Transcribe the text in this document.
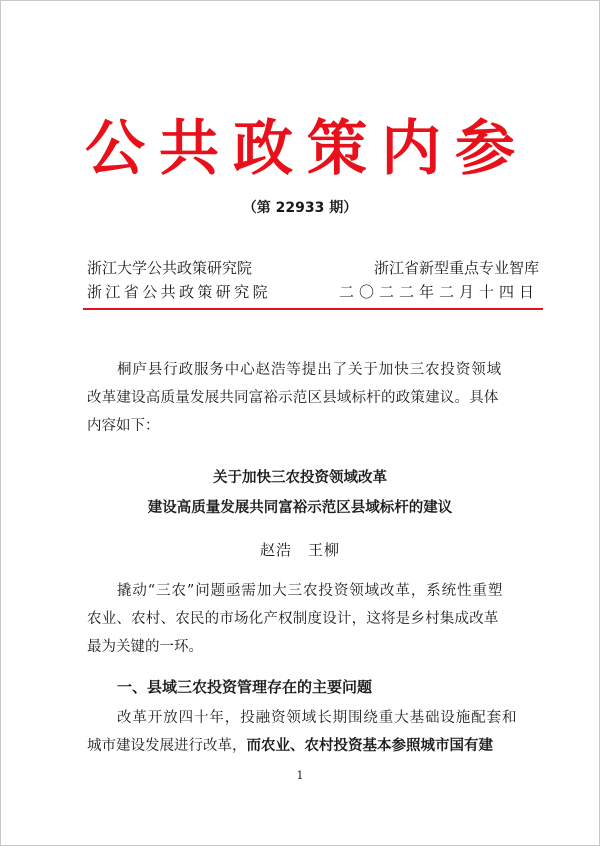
公共政策内参
（第 22933 期）
浙江大学公共政策研究院	浙江省新型重点专业智库
浙江省公共政策研究院	二〇二二年二月十四日
桐庐县行政服务中心赵浩等提出了关于加快三农投资领域
改革建设高质量发展共同富裕示范区县域标杆的政策建议。具体
内容如下：
关于加快三农投资领域改革
建设高质量发展共同富裕示范区县域标杆的建议
赵浩　王柳
撬动“三农”问题亟需加大三农投资领域改革，系统性重塑
农业、农村、农民的市场化产权制度设计，这将是乡村集成改革
最为关键的一环。
一、县域三农投资管理存在的主要问题
改革开放四十年，投融资领域长期围绕重大基础设施配套和
城市建设发展进行改革，而农业、农村投资基本参照城市国有建
1
